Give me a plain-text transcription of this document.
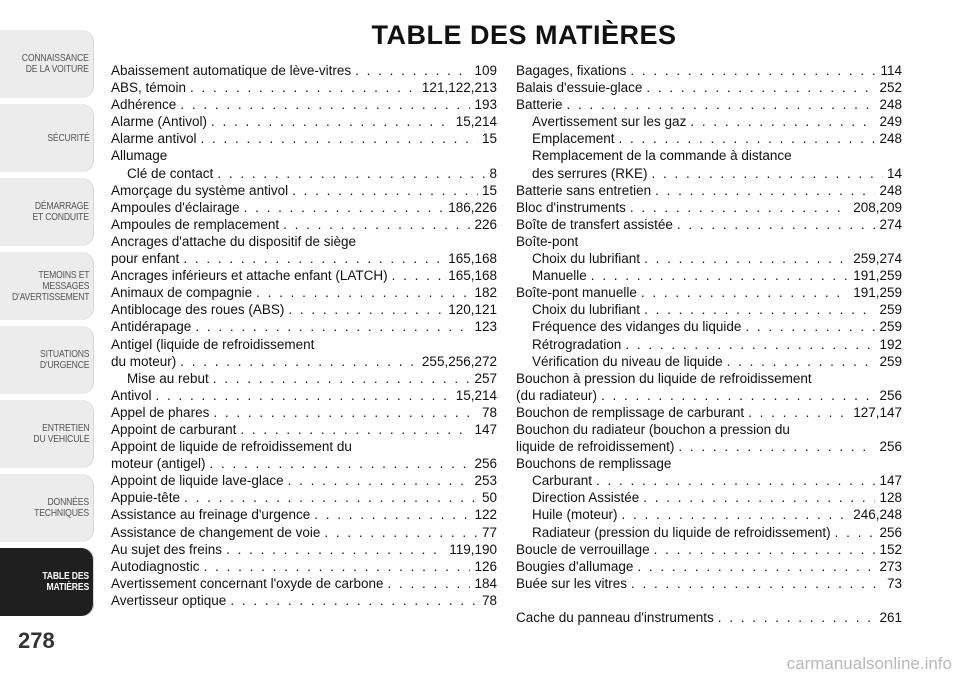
CONNAISSANCE
DE LA VOITURE
SÉCURITÉ
DÉMARRAGE
ET CONDUITE
TEMOINS ET
MESSAGES
D'AVERTISSEMENT
SITUATIONS
D'URGENCE
ENTRETIEN
DU VEHICULE
DONNÉES
TECHNIQUES
TABLE DES
MATIÈRES
278
TABLE DES MATIÈRES
Abaissement automatique de lève-vitres . . .	109
ABS, témoin . . .	121,122,213
Adhérence . . .	193
Alarme (Antivol) . . .	15,214
Alarme antivol . . .	15
Allumage
Clé de contact . . .	8
Amorçage du système antivol . . .	15
Ampoules d'éclairage . . .	186,226
Ampoules de remplacement . . .	226
Ancrages d'attache du dispositif de siège
pour enfant . . .	165,168
Ancrages inférieurs et attache enfant (LATCH) . . .	165,168
Animaux de compagnie . . .	182
Antiblocage des roues (ABS) . . .	120,121
Antidérapage . . .	123
Antigel (liquide de refroidissement
du moteur) . . .	255,256,272
Mise au rebut . . .	257
Antivol . . .	15,214
Appel de phares . . .	78
Appoint de carburant . . .	147
Appoint de liquide de refroidissement du
moteur (antigel) . . .	256
Appoint de liquide lave-glace . . .	253
Appuie-tête . . .	50
Assistance au freinage d'urgence . . .	122
Assistance de changement de voie . . .	77
Au sujet des freins . . .	119,190
Autodiagnostic . . .	126
Avertissement concernant l'oxyde de carbone . . .	184
Avertisseur optique . . .	78
Bagages, fixations . . .	114
Balais d'essuie-glace . . .	252
Batterie . . .	248
Avertissement sur les gaz . . .	249
Emplacement . . .	248
Remplacement de la commande à distance
des serrures (RKE) . . .	14
Batterie sans entretien . . .	248
Bloc d'instruments . . .	208,209
Boîte de transfert assistée . . .	274
Boîte-pont
Choix du lubrifiant . . .	259,274
Manuelle . . .	191,259
Boîte-pont manuelle . . .	191,259
Choix du lubrifiant . . .	259
Fréquence des vidanges du liquide . . .	259
Rétrogradation . . .	192
Vérification du niveau de liquide . . .	259
Bouchon à pression du liquide de refroidissement
(du radiateur) . . .	256
Bouchon de remplissage de carburant . . .	127,147
Bouchon du radiateur (bouchon a pression du
liquide de refroidissement) . . .	256
Bouchons de remplissage
Carburant . . .	147
Direction Assistée . . .	128
Huile (moteur) . . .	246,248
Radiateur (pression du liquide de refroidissement) . . .	256
Boucle de verrouillage . . .	152
Bougies d'allumage . . .	273
Buée sur les vitres . . .	73
Cache du panneau d'instruments . . .	261
carmanualsonline.info
